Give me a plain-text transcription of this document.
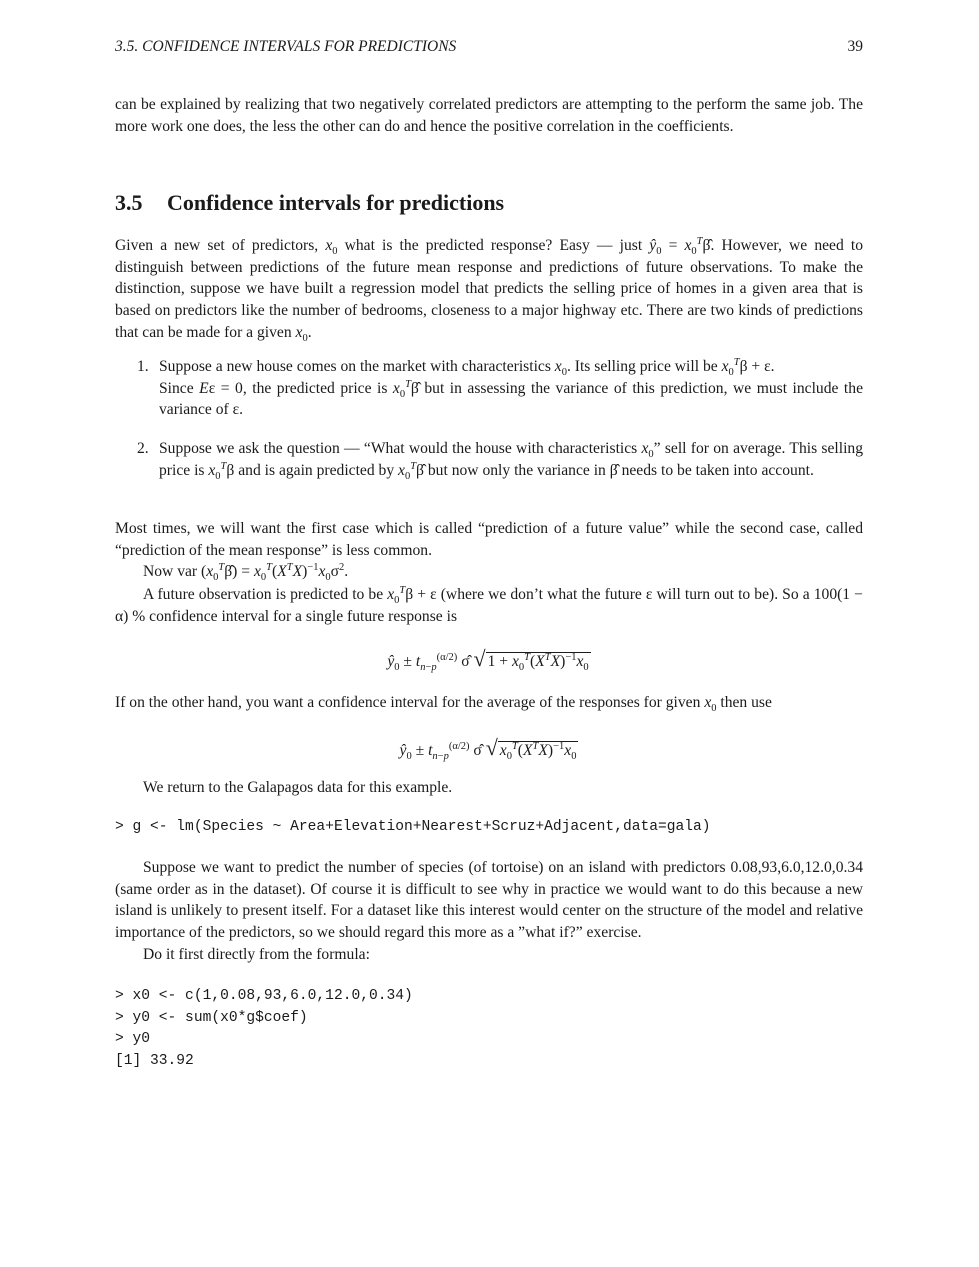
3.5. CONFIDENCE INTERVALS FOR PREDICTIONS	39

can be explained by realizing that two negatively correlated predictors are attempting to the perform the same job. The more work one does, the less the other can do and hence the positive correlation in the coefficients.

3.5 Confidence intervals for predictions

Given a new set of predictors, $x_0$ what is the predicted response? Easy — just $ŷ_0$ = $x_0^T\betâ$. However, we need to distinguish between predictions of the future mean response and predictions of future observations. To make the distinction, suppose we have built a regression model that predicts the selling price of homes in a given area that is based on predictors like the number of bedrooms, closeness to a major highway etc. There are two kinds of predictions that can be made for a given $x_0$.

1. Suppose a new house comes on the market with characteristics $x_0$. Its selling price will be $x_0^T\beta + \varepsilon$.
Since Eε = 0, the predicted price is $x_0^T\betâ$ but in assessing the variance of this prediction, we must include the variance of ε.
2. Suppose we ask the question — “What would the house with characteristics $x_0$” sell for on average. This selling price is $x_0^T\beta$ and is again predicted by $x_0^T\betâ$ but now only the variance in β̂ needs to be taken into account.

Most times, we will want the first case which is called “prediction of a future value” while the second case, called “prediction of the mean response” is less common.

Now var $(x_0^T\betâ) = x_0^T(X^TX)^{-1}x_0\sigma^2$.

A future observation is predicted to be $x_0^T\beta + \varepsilon$ (where we don’t what the future ε will turn out to be). So a 100(1 − α) % confidence interval for a single future response is

$ŷ_0 \pm t_{n-p}^{(\alpha/2)}$ σ̂ √ $1 + x_0^T(X^TX)^{-1}x_0$

If on the other hand, you want a confidence interval for the average of the responses for given $x_0$ then use

$ŷ_0 \pm t_{n-p}^{(\alpha/2)}$ σ̂ √ $x_0^T(X^TX)^{-1}x_0$

We return to the Galapagos data for this example.

> g <- lm(Species ~ Area+Elevation+Nearest+Scruz+Adjacent,data=gala)

Suppose we want to predict the number of species (of tortoise) on an island with predictors 0.08,93,6.0,12.0,0.34 (same order as in the dataset). Of course it is difficult to see why in practice we would want to do this because a new island is unlikely to present itself. For a dataset like this interest would center on the structure of the model and relative importance of the predictors, so we should regard this more as a ”what if?” exercise.

Do it first directly from the formula:

> x0 <- c(1,0.08,93,6.0,12.0,0.34)
> y0 <- sum(x0*g$coef)
> y0
[1] 33.92
